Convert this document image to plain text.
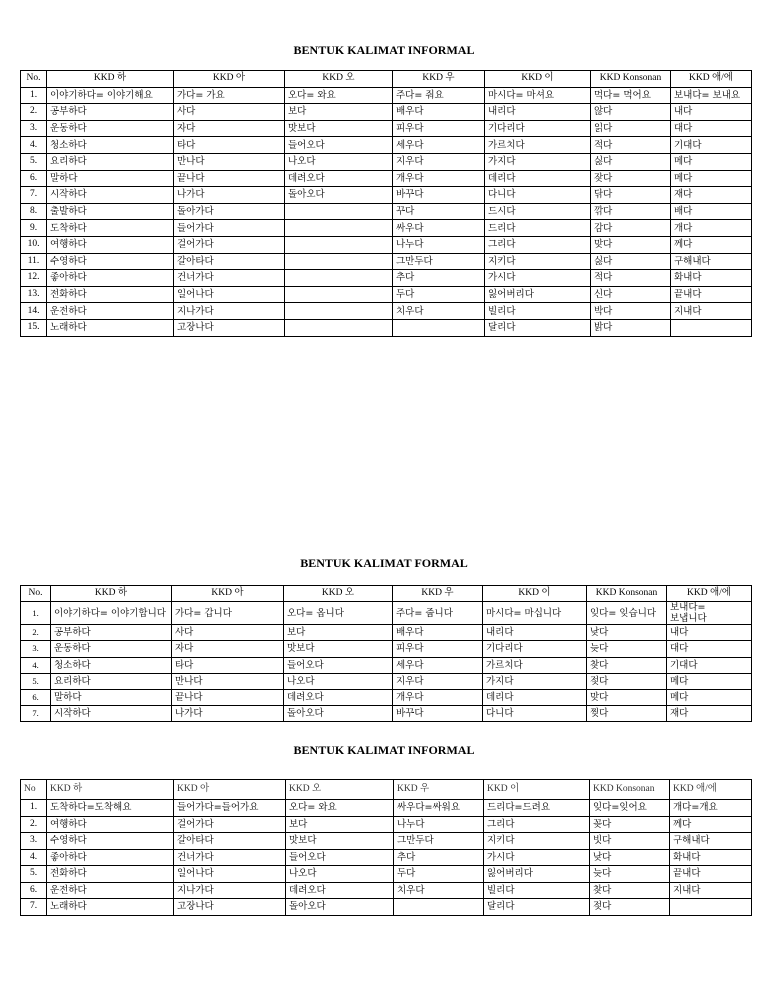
BENTUK KALIMAT INFORMAL
No.	KKD 하	KKD 아	KKD 오	KKD 우	KKD 이	KKD Konsonan	KKD 애/에
1.	이야기하다= 이야기해요	가다= 가요	오다= 와요	주다= 줘요	마시다= 마셔요	먹다= 먹어요	보내다= 보내요
2.	공부하다	사다	보다	배우다	내리다	않다	내다
3.	운동하다	자다	맛보다	피우다	기다리다	읽다	대다
4.	청소하다	타다	들어오다	세우다	가르치다	적다	기대다
5.	요리하다	만나다	나오다	지우다	가지다	싫다	메다
6.	말하다	끝나다	데려오다	개우다	데리다	잦다	메다
7.	시작하다	나가다	돌아오다	바꾸다	다니다	닦다	재다
8.	출발하다	돌아가다		꾸다	드시다	깎다	배다
9.	도착하다	들어가다		싸우다	드리다	감다	개다
10.	여행하다	걸어가다		나누다	그리다	맞다	께다
11.	수영하다	갈아타다		그만두다	지키다	싫다	구해내다
12.	좋아하다	건너가다		추다	가시다	적다	화내다
13.	전화하다	일어나다		두다	잃어버리다	신다	끝내다
14.	운전하다	지나가다		치우다	빌리다	박다	지내다
15.	노래하다	고장나다			달리다	밝다	
BENTUK KALIMAT FORMAL
No.	KKD 하	KKD 아	KKD 오	KKD 우	KKD 이	KKD Konsonan	KKD 애/에
1.	이야기하다= 이야기합니다	가다= 갑니다	오다= 옵니다	주다= 줍니다	마시다= 마십니다	잊다= 잊습니다	보내다=
보냅니다
2.	공부하다	사다	보다	배우다	내리다	낮다	내다
3.	운동하다	자다	맛보다	피우다	기다리다	늦다	대다
4.	청소하다	타다	들어오다	세우다	가르치다	찾다	기대다
5.	요리하다	만나다	나오다	지우다	가지다	젖다	메다
6.	말하다	끝나다	데려오다	개우다	데리다	맞다	메다
7.	시작하다	나가다	돌아오다	바꾸다	다니다	찢다	재다
BENTUK KALIMAT INFORMAL
No	KKD 하	KKD 아	KKD 오	KKD 우	KKD 이	KKD Konsonan	KKD 애/에
1.	도착하다=도착해요	들어가다=들어가요	오다= 와요	싸우다=싸워요	드리다=드려요	잊다=잊어요	개다=개요
2.	여행하다	걸어가다	보다	나누다	그리다	꽂다	께다
3.	수영하다	갈아타다	맛보다	그만두다	지키다	빗다	구해내다
4.	좋아하다	건너가다	들어오다	추다	가시다	낮다	화내다
5.	전화하다	일어나다	나오다	두다	잃어버리다	늦다	끝내다
6.	운전하다	지나가다	데려오다	치우다	빌리다	찾다	지내다
7.	노래하다	고장나다	돌아오다		달리다	젖다	
